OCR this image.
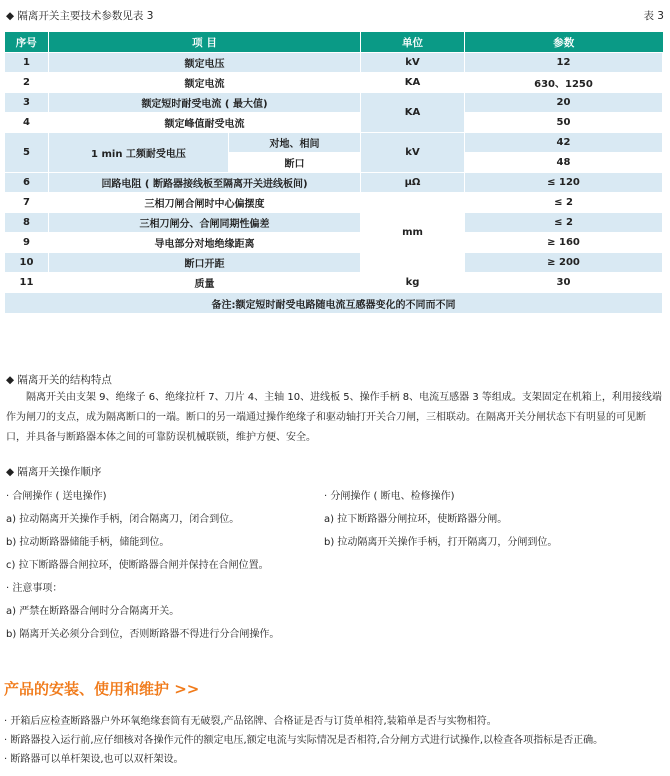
◆ 隔离开关主要技术参数见表 3	表 3
序号	项 目		单位	参数
1	额定电压		kV	12
2	额定电流		KA	630、1250
3	额定短时耐受电流 ( 最大值)		KA	20
4	额定峰值耐受电流			50
5	1 min 工频耐受电压	对地、相间	kV	42
		断口		48
6	回路电阻 ( 断路器接线板至隔离开关进线板间)		μΩ	≤ 120
7	三相刀闸合闸时中心偏摆度		mm	≤ 2
8	三相刀闸分、合闸同期性偏差			≤ 2
9	导电部分对地绝缘距离			≥ 160
10	断口开距			≥ 200
11	质量		kg	30
备注:额定短时耐受电路随电流互感器变化的不同而不同				
◆ 隔离开关的结构特点
隔离开关由支架 9、绝缘子 6、绝缘拉杆 7、刀片 4、主轴 10、进线板 5、操作手柄 8、电流互感器 3 等组成。支架固定在机箱上，利用接线端作为闸刀的支点，成为隔离断口的一端。断口的另一端通过操作绝缘子和驱动轴打开关合刀闸，三相联动。在隔离开关分闸状态下有明显的可见断口，并具备与断路器本体之间的可靠防误机械联锁，维护方便、安全。
◆ 隔离开关操作顺序
· 合闸操作 ( 送电操作)	· 分闸操作 ( 断电、检修操作)
a) 拉动隔离开关操作手柄，闭合隔离刀，闭合到位。	a) 拉下断路器分闸拉环，使断路器分闸。
b) 拉动断路器储能手柄，储能到位。	b) 拉动隔离开关操作手柄，打开隔离刀，分闸到位。
c) 拉下断路器合闸拉环，使断路器合闸并保持在合闸位置。
· 注意事项：
a) 严禁在断路器合闸时分合隔离开关。
b) 隔离开关必须分合到位，否则断路器不得进行分合闸操作。
产品的安装、使用和维护 >>
· 开箱后应检查断路器户外环氧绝缘套筒有无破裂,产品铭牌、合格证是否与订货单相符,装箱单是否与实物相符。
· 断路器投入运行前,应仔细核对各操作元件的额定电压,额定电流与实际情况是否相符,合分闸方式进行试操作,以检查各项指标是否正确。
· 断路器可以单杆架设,也可以双杆架设。
